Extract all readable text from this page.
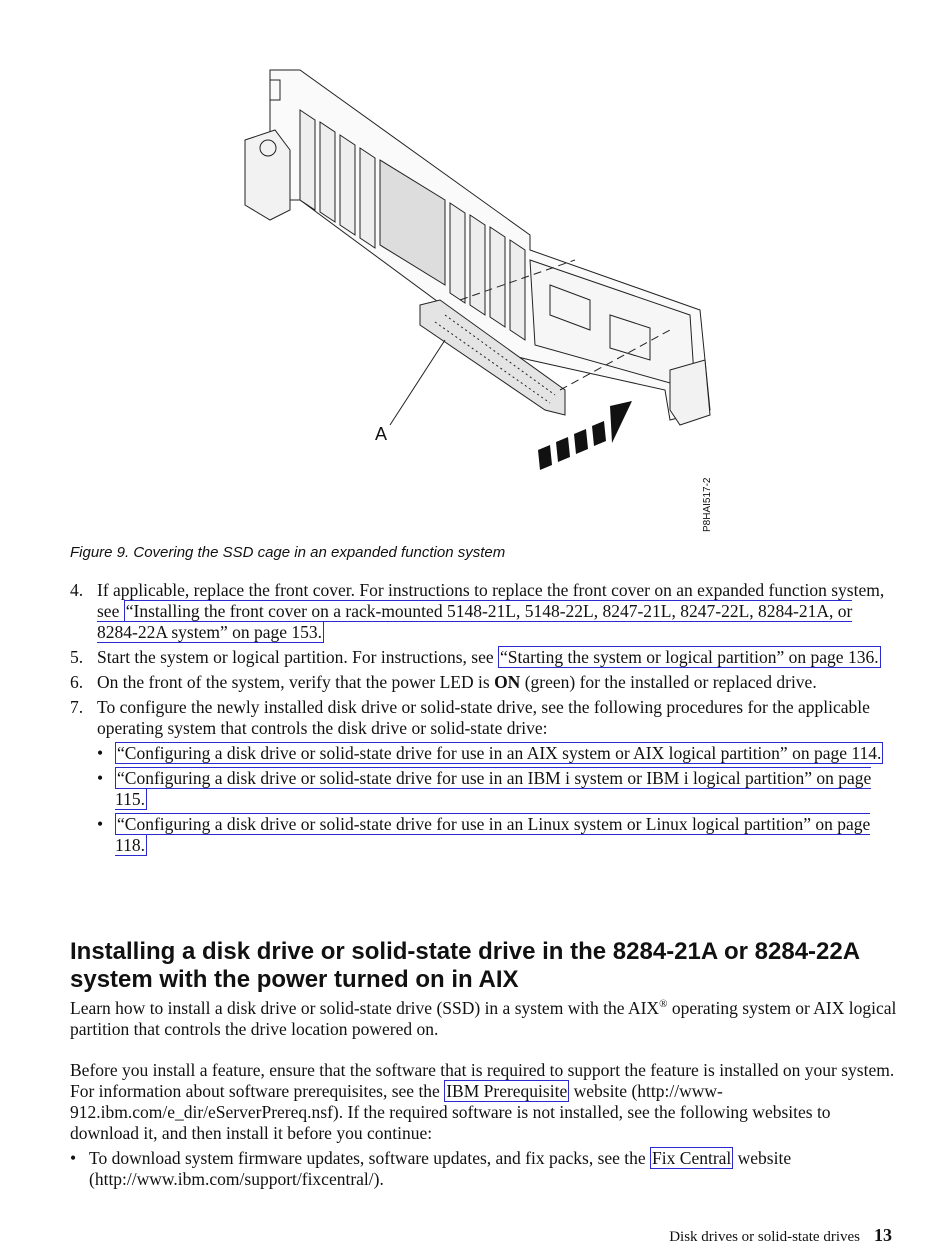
A
P8HAI517-2
Figure 9. Covering the SSD cage in an expanded function system
4. If applicable, replace the front cover. For instructions to replace the front cover on an expanded function system, see “Installing the front cover on a rack-mounted 5148-21L, 5148-22L, 8247-21L, 8247-22L, 8284-21A, or 8284-22A system” on page 153.
5. Start the system or logical partition. For instructions, see “Starting the system or logical partition” on page 136.
6. On the front of the system, verify that the power LED is ON (green) for the installed or replaced drive.
7. To configure the newly installed disk drive or solid-state drive, see the following procedures for the applicable operating system that controls the disk drive or solid-state drive:
• “Configuring a disk drive or solid-state drive for use in an AIX system or AIX logical partition” on page 114.
• “Configuring a disk drive or solid-state drive for use in an IBM i system or IBM i logical partition” on page 115.
• “Configuring a disk drive or solid-state drive for use in an Linux system or Linux logical partition” on page 118.
Installing a disk drive or solid-state drive in the 8284-21A or 8284-22A system with the power turned on in AIX
Learn how to install a disk drive or solid-state drive (SSD) in a system with the AIX® operating system or AIX logical partition that controls the drive location powered on.
Before you install a feature, ensure that the software that is required to support the feature is installed on your system. For information about software prerequisites, see the IBM Prerequisite website (http://www-912.ibm.com/e_dir/eServerPrereq.nsf). If the required software is not installed, see the following websites to download it, and then install it before you continue:
• To download system firmware updates, software updates, and fix packs, see the Fix Central website (http://www.ibm.com/support/fixcentral/).
Disk drives or solid-state drives 13
